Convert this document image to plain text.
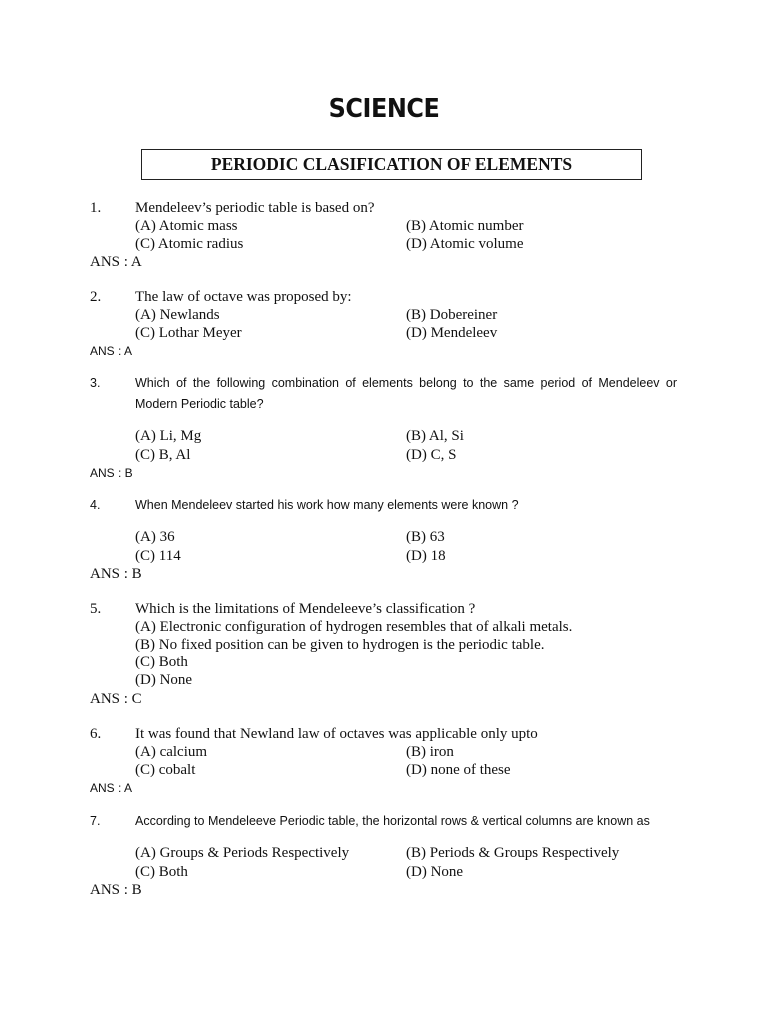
SCIENCE
PERIODIC CLASIFICATION OF ELEMENTS
1. Mendeleev’s periodic table is based on?
(A) Atomic mass	(B) Atomic number
(C) Atomic radius	(D) Atomic volume
ANS : A
2. The law of octave was proposed by:
(A) Newlands	(B) Dobereiner
(C) Lothar Meyer	(D) Mendeleev
ANS : A
3.	Which of the following combination of elements belong to the same period of Mendeleev or
Modern Periodic table?
(A) Li, Mg	(B) Al, Si
(C) B, Al	(D) C, S
ANS : B
4.	When Mendeleev started his work how many elements were known ?
(A) 36	(B) 63
(C) 114	(D) 18
ANS : B
5. Which is the limitations of Mendeleeve’s classification ?
(A) Electronic configuration of hydrogen resembles that of alkali metals.
(B) No fixed position can be given to hydrogen is the periodic table.
(C) Both
(D) None
ANS : C
6. It was found that Newland law of octaves was applicable only upto
(A) calcium	(B) iron
(C) cobalt	(D) none of these
ANS : A
7.	According to Mendeleeve Periodic table, the horizontal rows & vertical columns are known as
(A) Groups & Periods Respectively	(B) Periods & Groups Respectively
(C) Both	(D) None
ANS : B
